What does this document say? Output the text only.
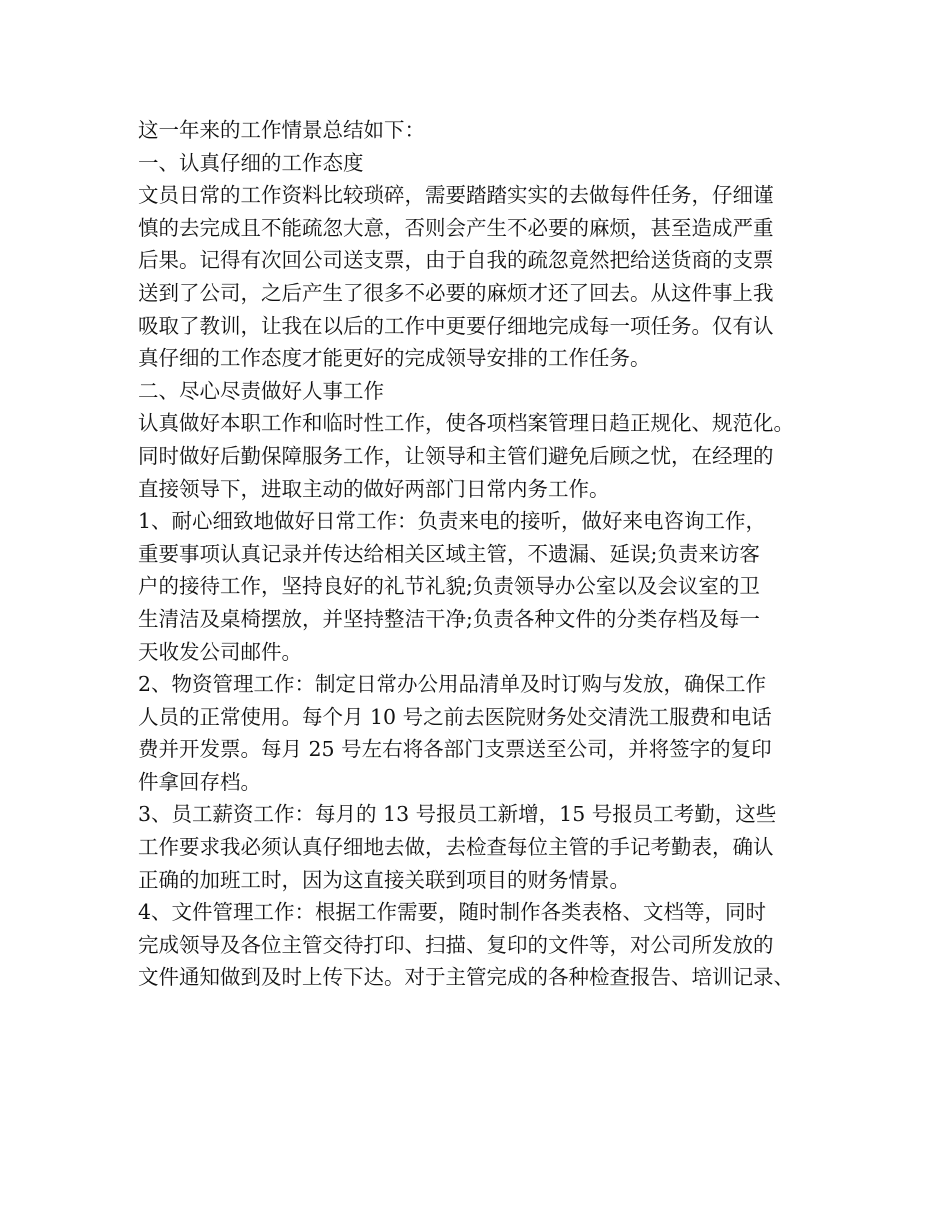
这一年来的工作情景总结如下：
一、认真仔细的工作态度
文员日常的工作资料比较琐碎，需要踏踏实实的去做每件任务，仔细谨
慎的去完成且不能疏忽大意，否则会产生不必要的麻烦，甚至造成严重
后果。记得有次回公司送支票，由于自我的疏忽竟然把给送货商的支票
送到了公司，之后产生了很多不必要的麻烦才还了回去。从这件事上我
吸取了教训，让我在以后的工作中更要仔细地完成每一项任务。仅有认
真仔细的工作态度才能更好的完成领导安排的工作任务。
二、尽心尽责做好人事工作
认真做好本职工作和临时性工作，使各项档案管理日趋正规化、规范化。
同时做好后勤保障服务工作，让领导和主管们避免后顾之忧，在经理的
直接领导下，进取主动的做好两部门日常内务工作。
1、耐心细致地做好日常工作：负责来电的接听，做好来电咨询工作，
重要事项认真记录并传达给相关区域主管，不遗漏、延误;负责来访客
户的接待工作，坚持良好的礼节礼貌;负责领导办公室以及会议室的卫
生清洁及桌椅摆放，并坚持整洁干净;负责各种文件的分类存档及每一
天收发公司邮件。
2、物资管理工作：制定日常办公用品清单及时订购与发放，确保工作
人员的正常使用。每个月 10 号之前去医院财务处交清洗工服费和电话
费并开发票。每月 25 号左右将各部门支票送至公司，并将签字的复印
件拿回存档。
3、员工薪资工作：每月的 13 号报员工新增，15 号报员工考勤，这些
工作要求我必须认真仔细地去做，去检查每位主管的手记考勤表，确认
正确的加班工时，因为这直接关联到项目的财务情景。
4、文件管理工作：根据工作需要，随时制作各类表格、文档等，同时
完成领导及各位主管交待打印、扫描、复印的文件等，对公司所发放的
文件通知做到及时上传下达。对于主管完成的各种检查报告、培训记录、
